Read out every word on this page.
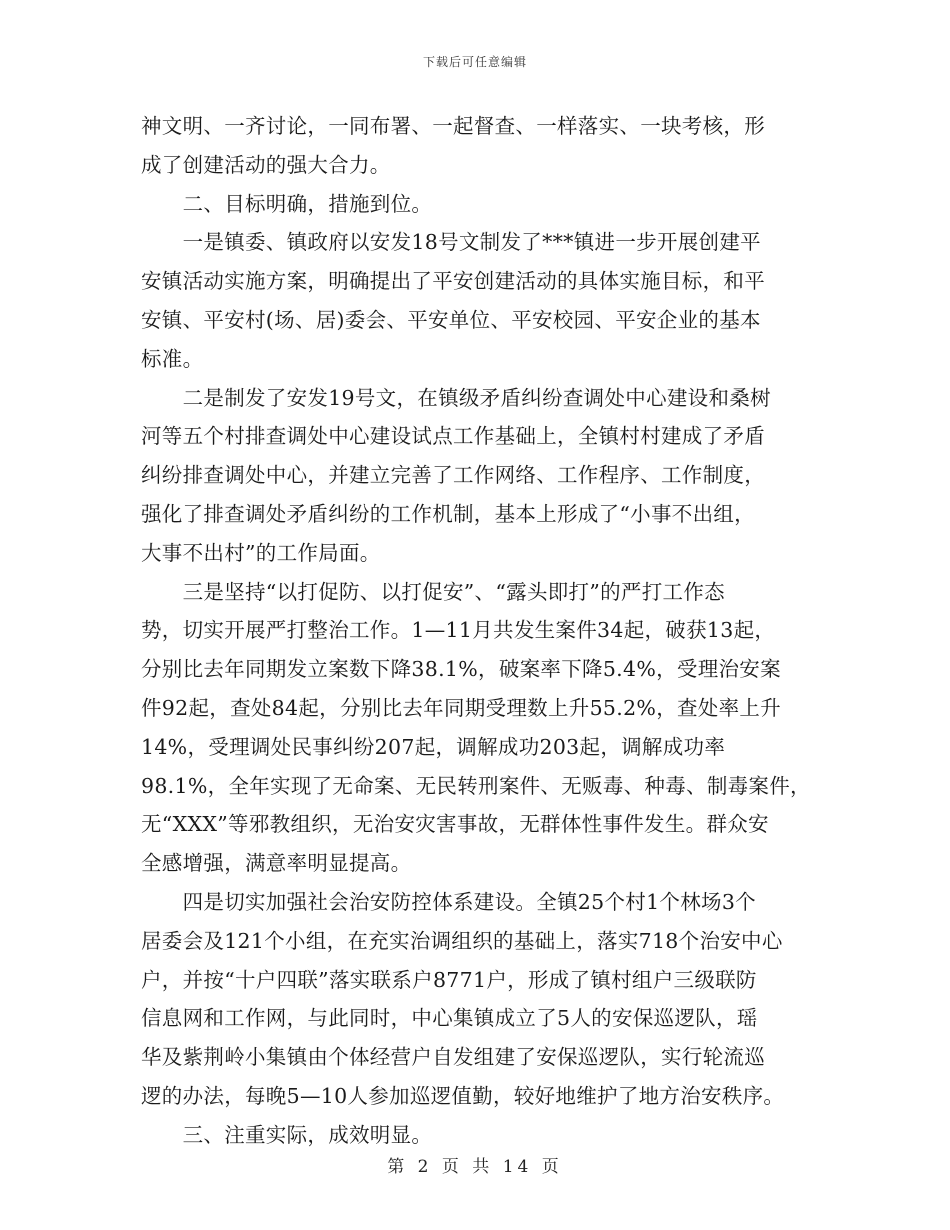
下载后可任意编辑

神文明、一齐讨论，一同布署、一起督查、一样落实、一块考核，形
成了创建活动的强大合力。

　　二、目标明确，措施到位。

　　一是镇委、镇政府以安发18号文制发了***镇进一步开展创建平
安镇活动实施方案，明确提出了平安创建活动的具体实施目标，和平
安镇、平安村(场、居)委会、平安单位、平安校园、平安企业的基本
标准。

　　二是制发了安发19号文，在镇级矛盾纠纷查调处中心建设和桑树
河等五个村排查调处中心建设试点工作基础上，全镇村村建成了矛盾
纠纷排查调处中心，并建立完善了工作网络、工作程序、工作制度，
强化了排查调处矛盾纠纷的工作机制，基本上形成了“小事不出组，
大事不出村”的工作局面。

　　三是坚持“以打促防、以打促安”、“露头即打”的严打工作态
势，切实开展严打整治工作。1—11月共发生案件34起，破获13起，
分别比去年同期发立案数下降38.1%，破案率下降5.4%，受理治安案
件92起，查处84起，分别比去年同期受理数上升55.2%，查处率上升
14%，受理调处民事纠纷207起，调解成功203起，调解成功率
98.1%，全年实现了无命案、无民转刑案件、无贩毒、种毒、制毒案件，
无“XXX”等邪教组织，无治安灾害事故，无群体性事件发生。群众安
全感增强，满意率明显提高。

　　四是切实加强社会治安防控体系建设。全镇25个村1个林场3个
居委会及121个小组，在充实治调组织的基础上，落实718个治安中心
户，并按“十户四联”落实联系户8771户，形成了镇村组户三级联防
信息网和工作网，与此同时，中心集镇成立了5人的安保巡逻队，瑶
华及紫荆岭小集镇由个体经营户自发组建了安保巡逻队，实行轮流巡
逻的办法，每晚5—10人参加巡逻值勤，较好地维护了地方治安秩序。

　　三、注重实际，成效明显。

第 2 页 共 14 页
